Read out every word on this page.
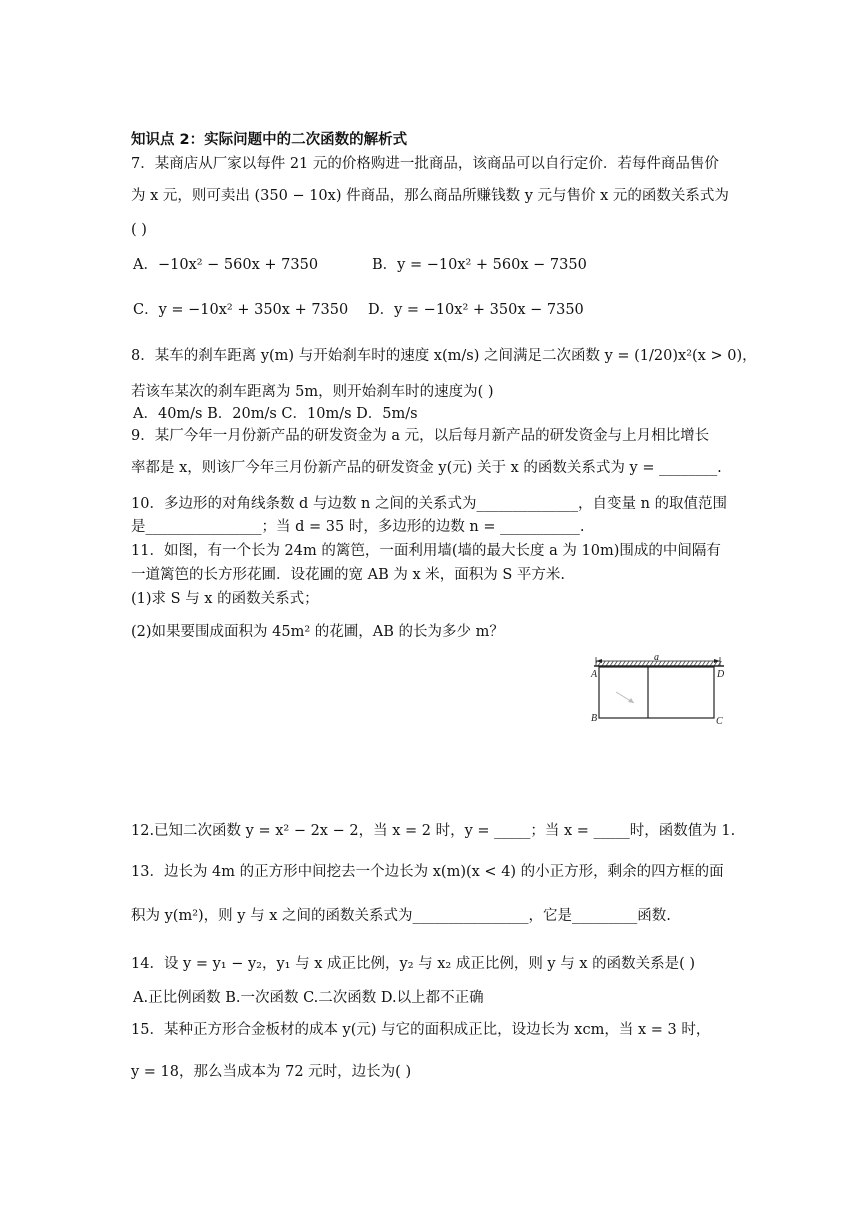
知识点 2：实际问题中的二次函数的解析式
7．某商店从厂家以每件 21 元的价格购进一批商品，该商品可以自行定价．若每件商品售价
为 x 元，则可卖出 (350 − 10x) 件商品，那么商品所赚钱数 y 元与售价 x 元的函数关系式为
( )
A．−10x² − 560x + 7350	B．y = −10x² + 560x − 7350
C．y = −10x² + 350x + 7350 D．y = −10x² + 350x − 7350
8．某车的刹车距离 y(m) 与开始刹车时的速度 x(m/s) 之间满足二次函数 y = (1/20)x²(x > 0)，
若该车某次的刹车距离为 5m，则开始刹车时的速度为( )
A．40m/s B．20m/s C．10m/s D．5m/s
9．某厂今年一月份新产品的研发资金为 a 元，以后每月新产品的研发资金与上月相比增长
率都是 x，则该厂今年三月份新产品的研发资金 y(元) 关于 x 的函数关系式为 y = ________.
10．多边形的对角线条数 d 与边数 n 之间的关系式为______________，自变量 n 的取值范围
是________________；当 d = 35 时，多边形的边数 n = ___________.
11．如图，有一个长为 24m 的篱笆，一面利用墙(墙的最大长度 a 为 10m)围成的中间隔有
一道篱笆的长方形花圃．设花圃的宽 AB 为 x 米，面积为 S 平方米.
(1)求 S 与 x 的函数关系式；
(2)如果要围成面积为 45m² 的花圃，AB 的长为多少 m？
a
A	D
B	C
12.已知二次函数 y = x² − 2x − 2，当 x = 2 时，y = _____；当 x = _____时，函数值为 1.
13．边长为 4m 的正方形中间挖去一个边长为 x(m)(x < 4) 的小正方形，剩余的四方框的面
积为 y(m²)，则 y 与 x 之间的函数关系式为________________，它是_________函数.
14．设 y = y₁ − y₂，y₁ 与 x 成正比例，y₂ 与 x₂ 成正比例，则 y 与 x 的函数关系是( )
A.正比例函数 B.一次函数 C.二次函数 D.以上都不正确
15．某种正方形合金板材的成本 y(元) 与它的面积成正比，设边长为 xcm，当 x = 3 时，
y = 18，那么当成本为 72 元时，边长为( )
